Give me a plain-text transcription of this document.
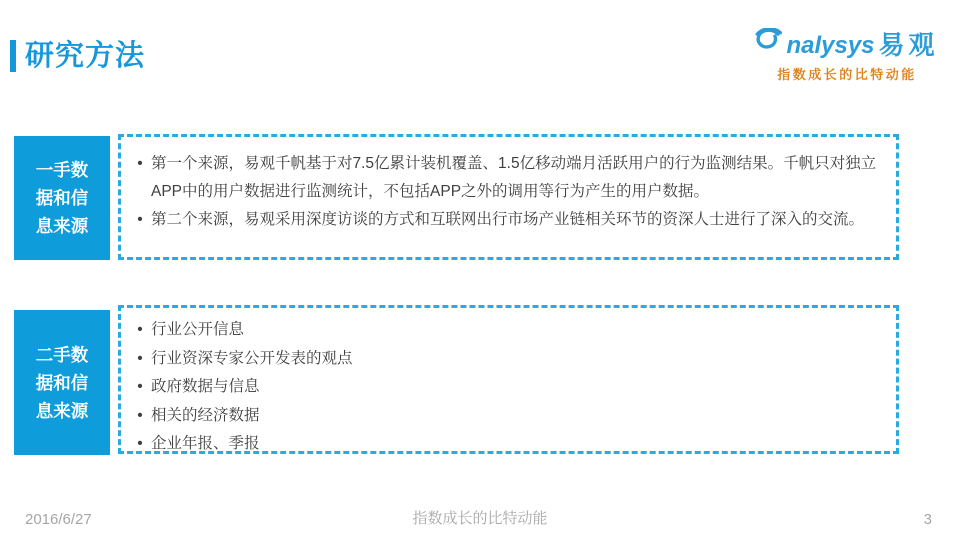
研究方法	nalysys 易观
指数成长的比特动能
一手数据和信息来源
• 第一个来源，易观千帆基于对7.5亿累计装机覆盖、1.5亿移动端月活跃用户的行为监测结果。千帆只对独立APP中的用户数据进行监测统计，不包括APP之外的调用等行为产生的用户数据。
• 第二个来源，易观采用深度访谈的方式和互联网出行市场产业链相关环节的资深人士进行了深入的交流。
二手数据和信息来源
• 行业公开信息
• 行业资深专家公开发表的观点
• 政府数据与信息
• 相关的经济数据
• 企业年报、季报
2016/6/27	指数成长的比特动能	3
